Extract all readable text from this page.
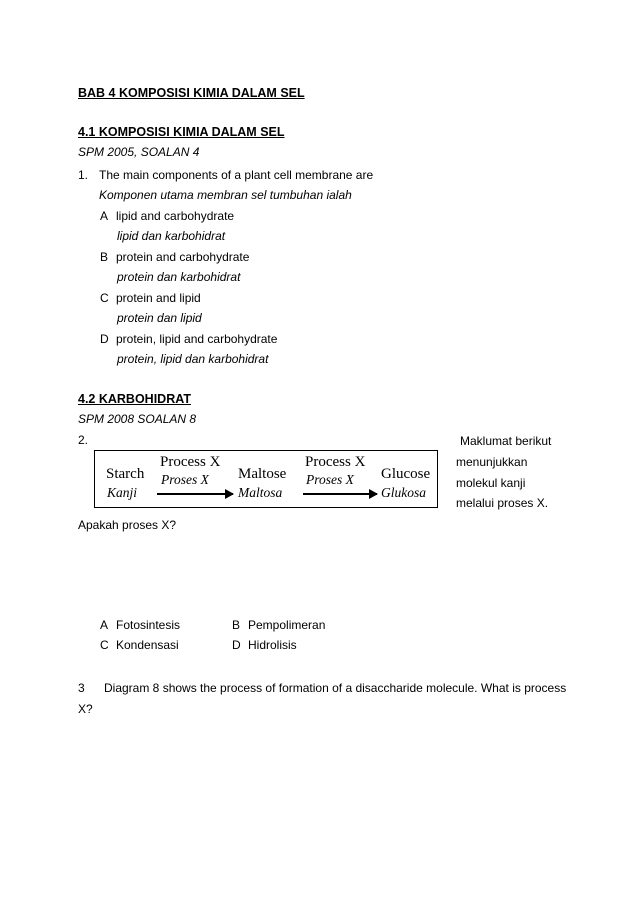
BAB 4 KOMPOSISI KIMIA DALAM SEL
4.1 KOMPOSISI KIMIA DALAM SEL
SPM 2005, SOALAN 4
1. The main components of a plant cell membrane are
Komponen utama membran sel tumbuhan ialah
A lipid and carbohydrate
lipid dan karbohidrat
B protein and carbohydrate
protein dan karbohidrat
C protein and lipid
protein dan lipid
D protein, lipid and carbohydrate
protein, lipid dan karbohidrat
4.2 KARBOHIDRAT
SPM 2008 SOALAN 8
2.	Maklumat berikut
menunjukkan
molekul kanji
melalui proses X.
Starch
Kanji
Process X
Proses X Maltose
Maltosa
Process X
Proses X Glucose
Glukosa
Apakah proses X?
A Fotosintesis	B Pempolimeran
C Kondensasi	D Hidrolisis
3 Diagram 8 shows the process of formation of a disaccharide molecule. What is process
X?
